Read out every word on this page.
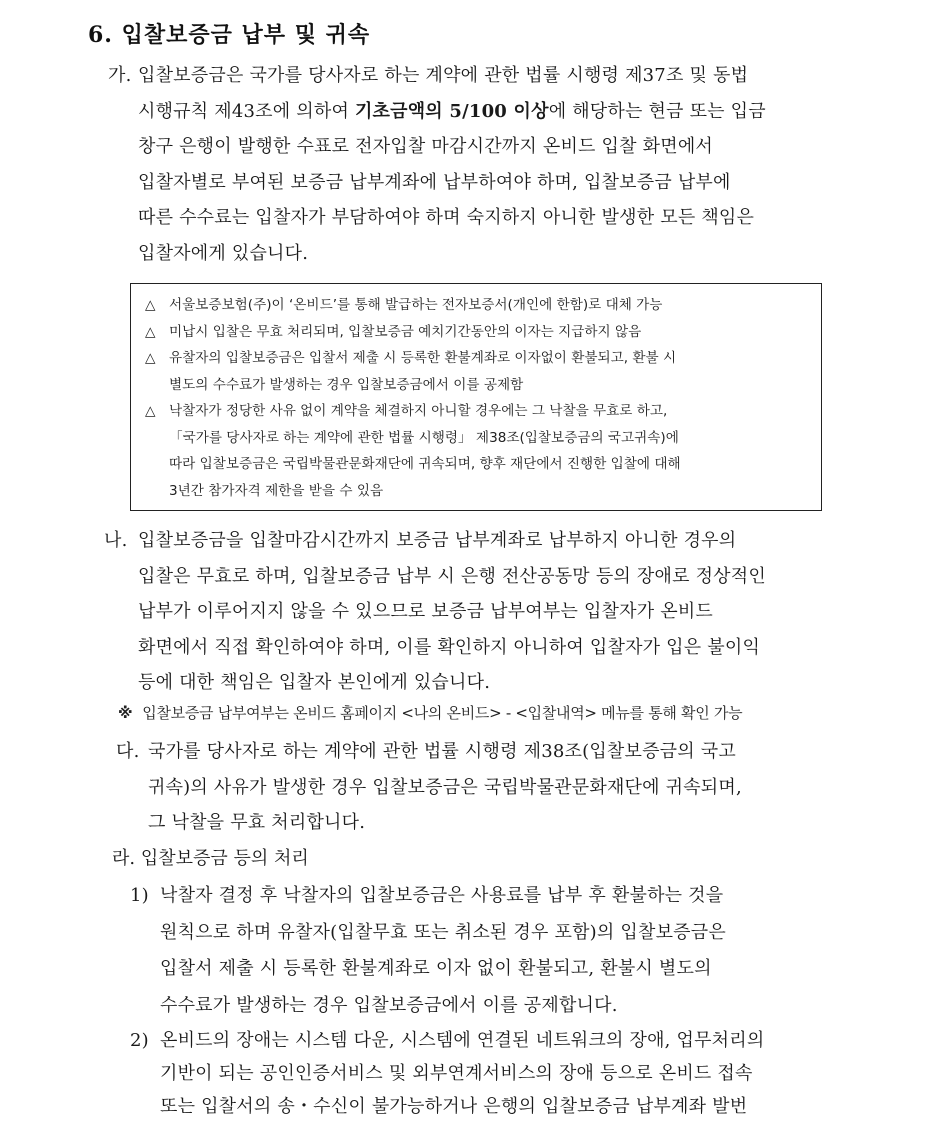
6. 입찰보증금 납부 및 귀속
가. 입찰보증금은 국가를 당사자로 하는 계약에 관한 법률 시행령 제37조 및 동법
시행규칙 제43조에 의하여 기초금액의 5/100 이상에 해당하는 현금 또는 입금
창구 은행이 발행한 수표로 전자입찰 마감시간까지 온비드 입찰 화면에서
입찰자별로 부여된 보증금 납부계좌에 납부하여야 하며, 입찰보증금 납부에
따른 수수료는 입찰자가 부담하여야 하며 숙지하지 아니한 발생한 모든 책임은
입찰자에게 있습니다.
△ 서울보증보험(주)이 ‘온비드’를 통해 발급하는 전자보증서(개인에 한함)로 대체 가능
△ 미납시 입찰은 무효 처리되며, 입찰보증금 예치기간동안의 이자는 지급하지 않음
△ 유찰자의 입찰보증금은 입찰서 제출 시 등록한 환불계좌로 이자없이 환불되고, 환불 시
별도의 수수료가 발생하는 경우 입찰보증금에서 이를 공제함
△ 낙찰자가 정당한 사유 없이 계약을 체결하지 아니할 경우에는 그 낙찰을 무효로 하고,
「국가를 당사자로 하는 계약에 관한 법률 시행령」 제38조(입찰보증금의 국고귀속)에
따라 입찰보증금은 국립박물관문화재단에 귀속되며, 향후 재단에서 진행한 입찰에 대해
3년간 참가자격 제한을 받을 수 있음
나. 입찰보증금을 입찰마감시간까지 보증금 납부계좌로 납부하지 아니한 경우의
입찰은 무효로 하며, 입찰보증금 납부 시 은행 전산공동망 등의 장애로 정상적인
납부가 이루어지지 않을 수 있으므로 보증금 납부여부는 입찰자가 온비드
화면에서 직접 확인하여야 하며, 이를 확인하지 아니하여 입찰자가 입은 불이익
등에 대한 책임은 입찰자 본인에게 있습니다.
※ 입찰보증금 납부여부는 온비드 홈페이지 <나의 온비드> - <입찰내역> 메뉴를 통해 확인 가능
다. 국가를 당사자로 하는 계약에 관한 법률 시행령 제38조(입찰보증금의 국고
귀속)의 사유가 발생한 경우 입찰보증금은 국립박물관문화재단에 귀속되며,
그 낙찰을 무효 처리합니다.
라. 입찰보증금 등의 처리
1) 낙찰자 결정 후 낙찰자의 입찰보증금은 사용료를 납부 후 환불하는 것을
원칙으로 하며 유찰자(입찰무효 또는 취소된 경우 포함)의 입찰보증금은
입찰서 제출 시 등록한 환불계좌로 이자 없이 환불되고, 환불시 별도의
수수료가 발생하는 경우 입찰보증금에서 이를 공제합니다.
2) 온비드의 장애는 시스템 다운, 시스템에 연결된 네트워크의 장애, 업무처리의
기반이 되는 공인인증서비스 및 외부연계서비스의 장애 등으로 온비드 접속
또는 입찰서의 송・수신이 불가능하거나 은행의 입찰보증금 납부계좌 발번
